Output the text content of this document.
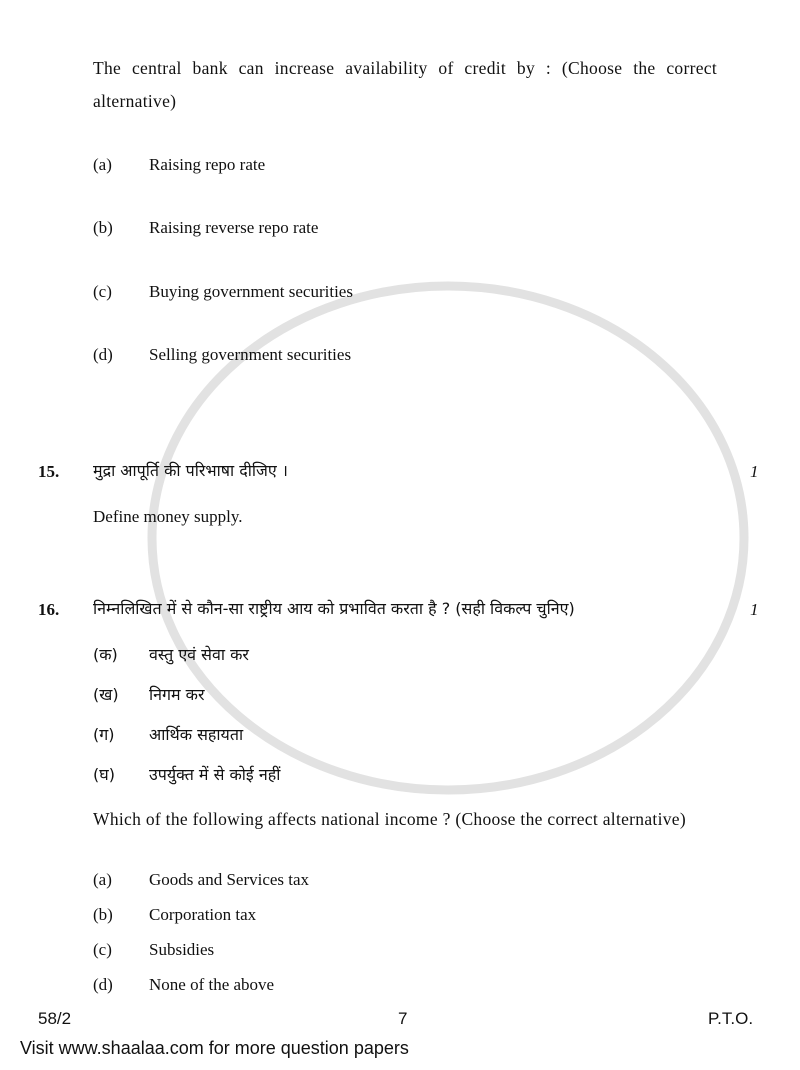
The central bank can increase availability of credit by : (Choose the correct alternative)
(a) Raising repo rate
(b) Raising reverse repo rate
(c) Buying government securities
(d) Selling government securities
15. मुद्रा आपूर्ति की परिभाषा दीजिए ।	1
Define money supply.
16. निम्नलिखित में से कौन-सा राष्ट्रीय आय को प्रभावित करता है ? (सही विकल्प चुनिए)	1
(क) वस्तु एवं सेवा कर
(ख) निगम कर
(ग) आर्थिक सहायता
(घ) उपर्युक्त में से कोई नहीं
Which of the following affects national income ? (Choose the correct alternative)
(a) Goods and Services tax
(b) Corporation tax
(c) Subsidies
(d) None of the above
58/2	7	P.T.O.
Visit www.shaalaa.com for more question papers
